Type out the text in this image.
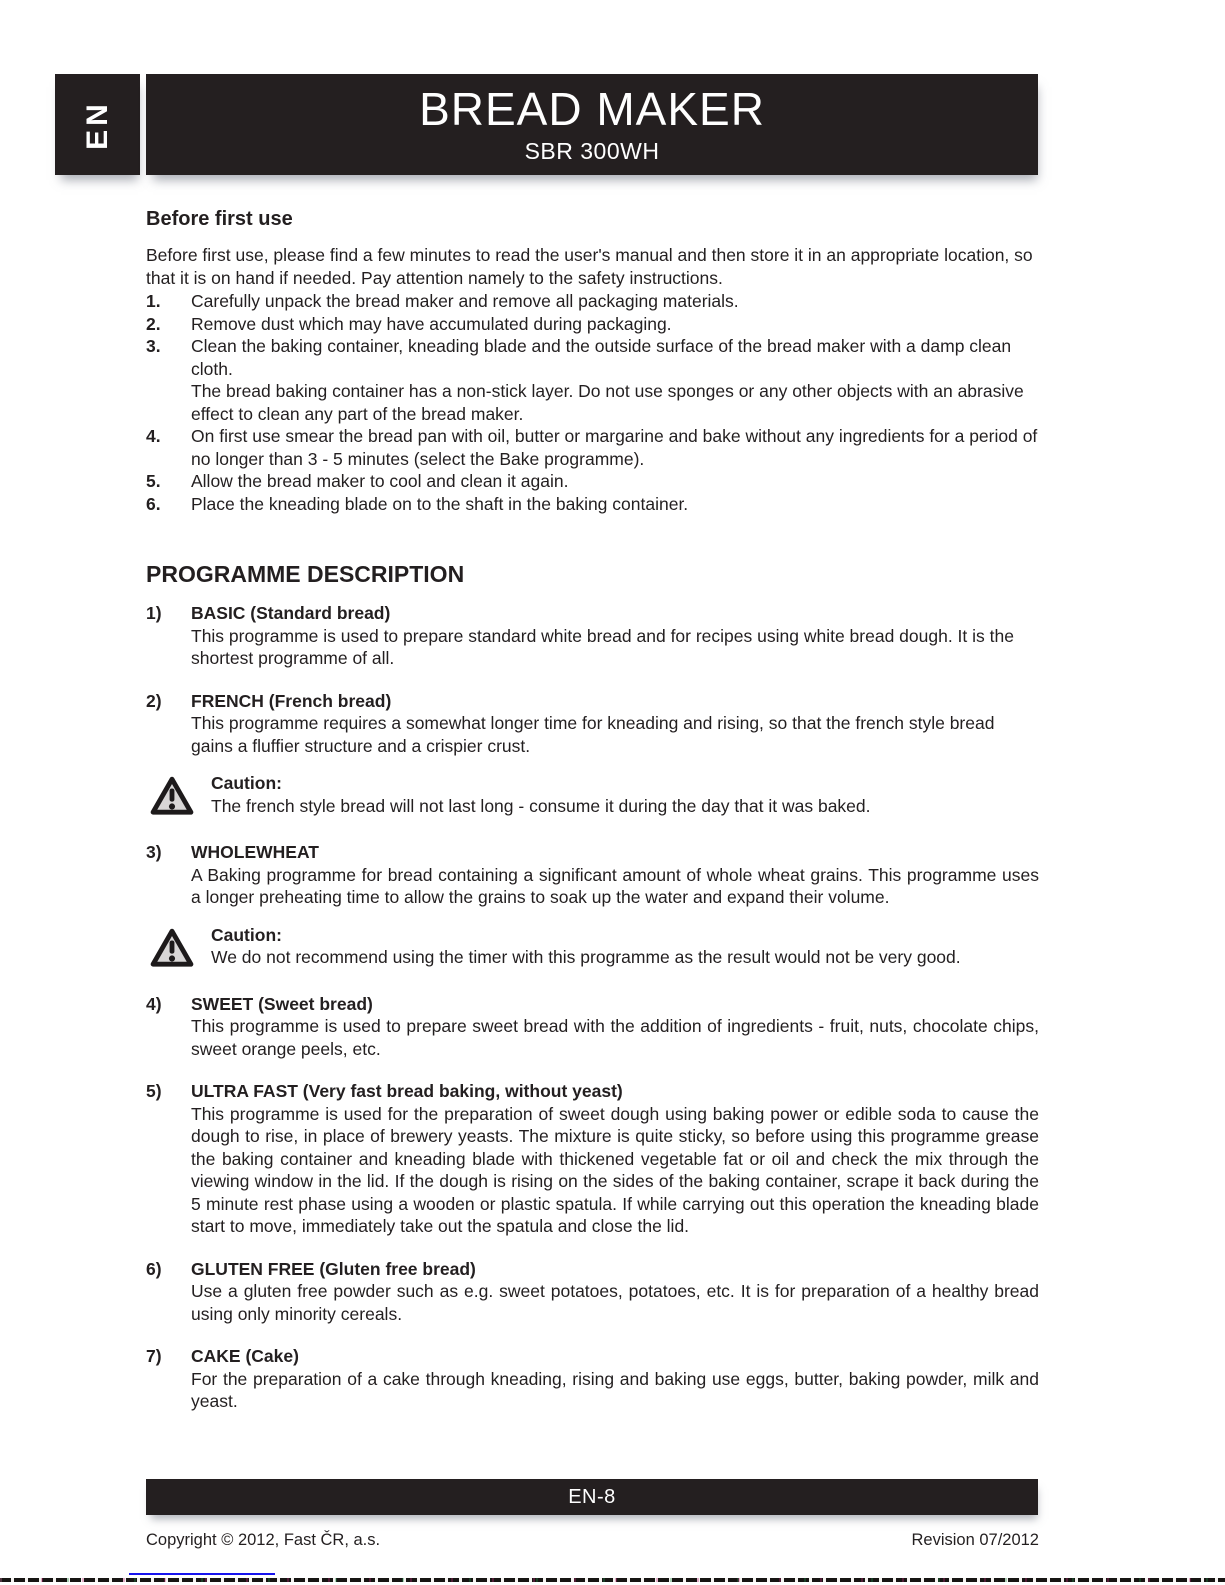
EN	BREAD MAKER
SBR 300WH
Before first use

Before first use, please find a few minutes to read the user's manual and then store it in an appropriate location, so that it is on hand if needed. Pay attention namely to the safety instructions.

1.	Carefully unpack the bread maker and remove all packaging materials.

2.	Remove dust which may have accumulated during packaging.

3.	Clean the baking container, kneading blade and the outside surface of the bread maker with a damp clean cloth.

The bread baking container has a non-stick layer. Do not use sponges or any other objects with an abrasive effect to clean any part of the bread maker.

4.	On first use smear the bread pan with oil, butter or margarine and bake without any ingredients for a period of no longer than 3 - 5 minutes (select the Bake programme).

5.	Allow the bread maker to cool and clean it again.

6.	Place the kneading blade on to the shaft in the baking container.

PROGRAMME DESCRIPTION
1)	BASIC (Standard bread)

This programme is used to prepare standard white bread and for recipes using white bread dough. It is the shortest programme of all.

2)	FRENCH (French bread)

This programme requires a somewhat longer time for kneading and rising, so that the french style bread gains a fluffier structure and a crispier crust.

Caution:

The french style bread will not last long - consume it during the day that it was baked.

3)	WHOLEWHEAT

A Baking programme for bread containing a significant amount of whole wheat grains. This programme uses a longer preheating time to allow the grains to soak up the water and expand their volume.

Caution:

We do not recommend using the timer with this programme as the result would not be very good.

4)	SWEET (Sweet bread)

This programme is used to prepare sweet bread with the addition of ingredients - fruit, nuts, chocolate chips, sweet orange peels, etc.

5)	ULTRA FAST (Very fast bread baking, without yeast)

This programme is used for the preparation of sweet dough using baking power or edible soda to cause the dough to rise, in place of brewery yeasts. The mixture is quite sticky, so before using this programme grease the baking container and kneading blade with thickened vegetable fat or oil and check the mix through the viewing window in the lid. If the dough is rising on the sides of the baking container, scrape it back during the 5 minute rest phase using a wooden or plastic spatula. If while carrying out this operation the kneading blade start to move, immediately take out the spatula and close the lid.

6)	GLUTEN FREE (Gluten free bread)

Use a gluten free powder such as e.g. sweet potatoes, potatoes, etc. It is for preparation of a healthy bread using only minority cereals.

7)	CAKE (Cake)

For the preparation of a cake through kneading, rising and baking use eggs, butter, baking powder, milk and yeast.

EN-8
Copyright © 2012, Fast ČR, a.s.	Revision 07/2012
